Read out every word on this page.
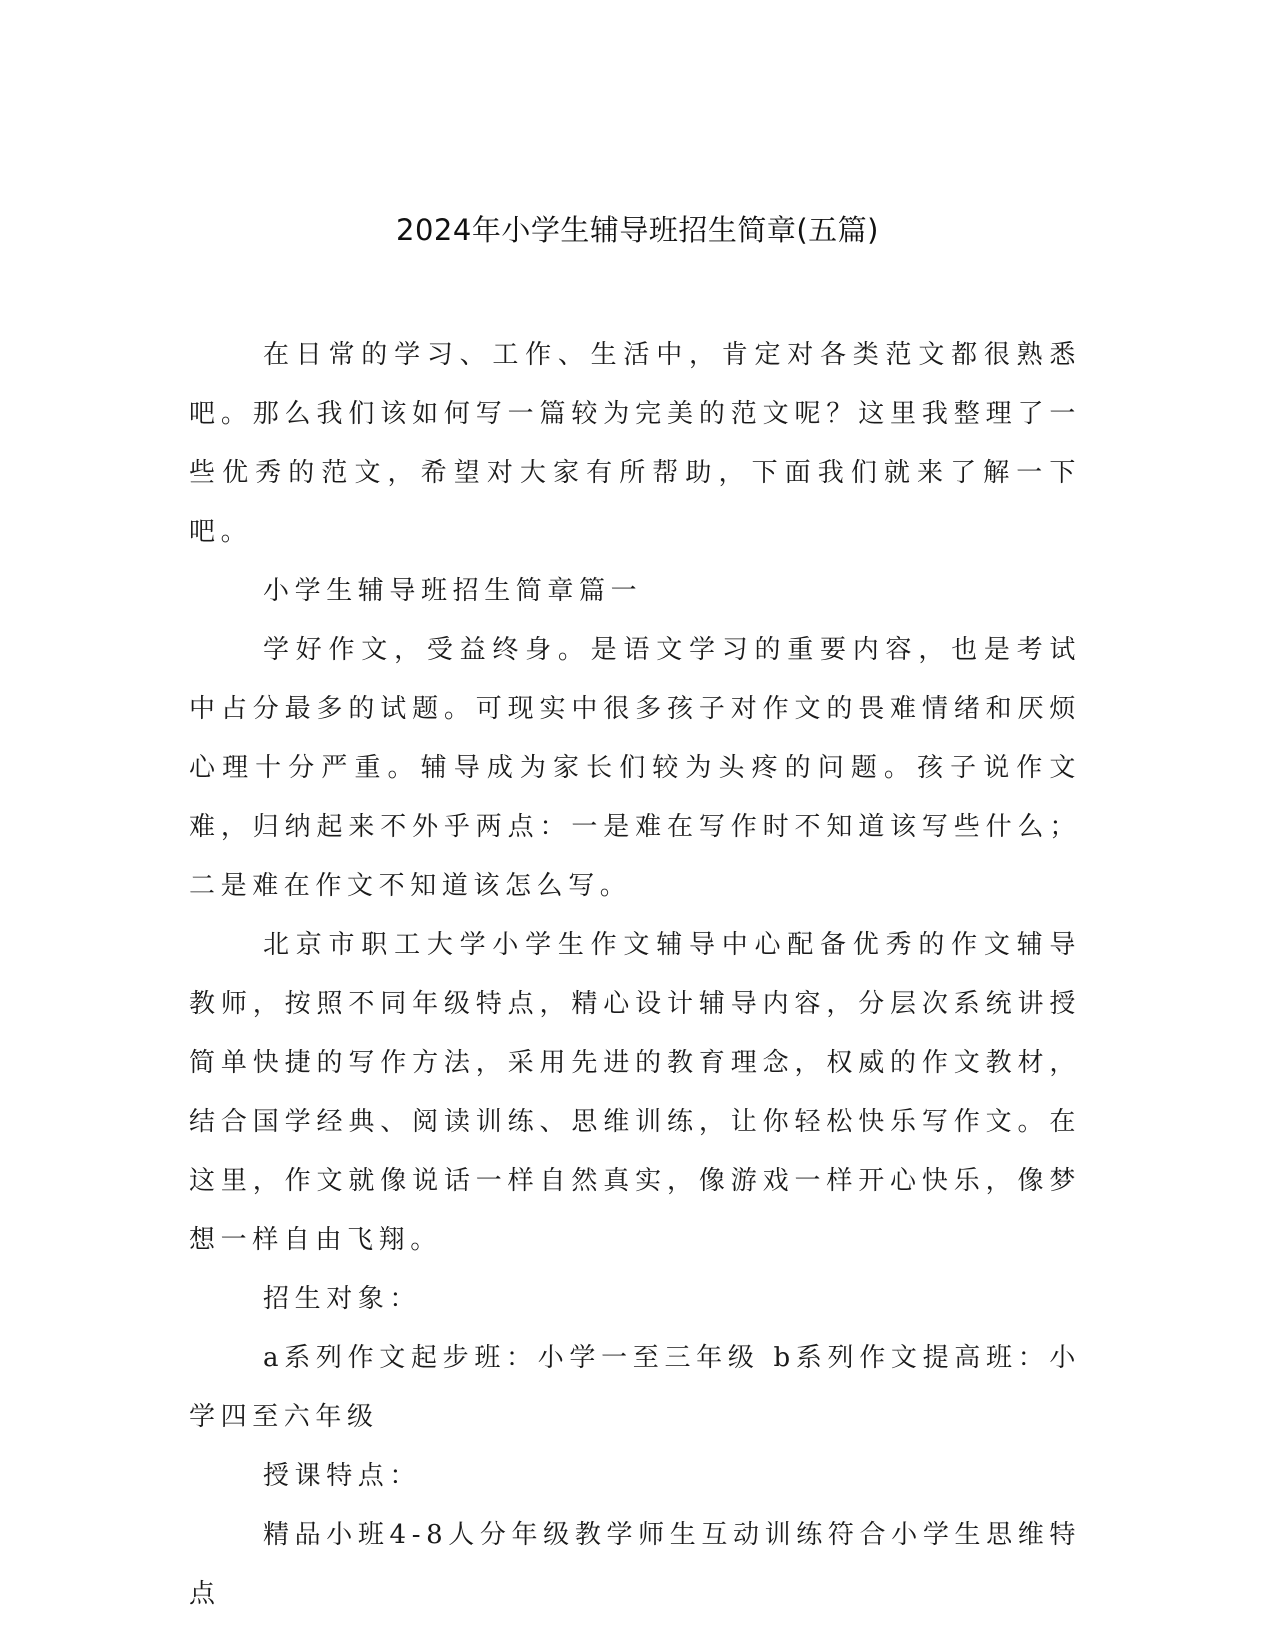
2024年小学生辅导班招生简章(五篇)

在日常的学习、工作、生活中，肯定对各类范文都很熟悉吧。那么我们该如何写一篇较为完美的范文呢？这里我整理了一些优秀的范文，希望对大家有所帮助，下面我们就来了解一下吧。

小学生辅导班招生简章篇一

学好作文，受益终身。是语文学习的重要内容，也是考试中占分最多的试题。可现实中很多孩子对作文的畏难情绪和厌烦心理十分严重。辅导成为家长们较为头疼的问题。孩子说作文难，归纳起来不外乎两点：一是难在写作时不知道该写些什么；二是难在作文不知道该怎么写。

北京市职工大学小学生作文辅导中心配备优秀的作文辅导教师，按照不同年级特点，精心设计辅导内容，分层次系统讲授简单快捷的写作方法，采用先进的教育理念，权威的作文教材，结合国学经典、阅读训练、思维训练，让你轻松快乐写作文。在这里，作文就像说话一样自然真实，像游戏一样开心快乐，像梦想一样自由飞翔。

招生对象：

a系列作文起步班：小学一至三年级 b系列作文提高班：小学四至六年级

授课特点：

精品小班4-8人分年级教学师生互动训练符合小学生思维特点
